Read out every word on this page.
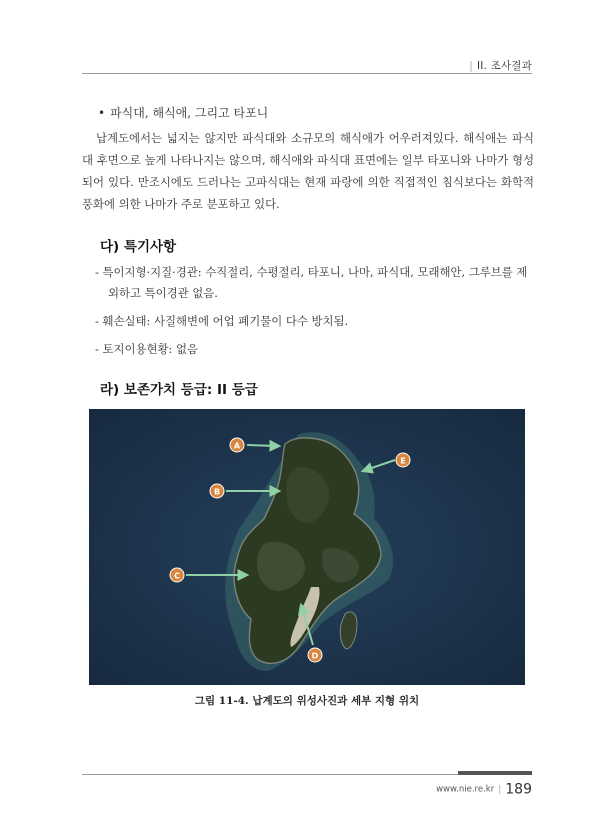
| II. 조사결과
• 파식대, 해식애, 그리고 타포니

납계도에서는 넓지는 않지만 파식대와 소규모의 해식애가 어우러져있다. 해식애는 파식대 후면으로 높게 나타나지는 않으며, 해식애와 파식대 표면에는 일부 타포니와 나마가 형성되어 있다. 만조시에도 드러나는 고파식대는 현재 파랑에 의한 직접적인 침식보다는 화학적 풍화에 의한 나마가 주로 분포하고 있다.

다) 특기사항
- 특이지형·지질·경관: 수직절리, 수평절리, 타포니, 나마, 파식대, 모래해안, 그루브를 제외하고 특이경관 없음.
- 훼손실태: 사질해변에 어업 폐기물이 다수 방치됨.
- 토지이용현황: 없음
라) 보존가치 등급: II 등급
A
B
C
D
E
그림 11-4. 납계도의 위성사진과 세부 지형 위치
www.nie.re.kr | 189
